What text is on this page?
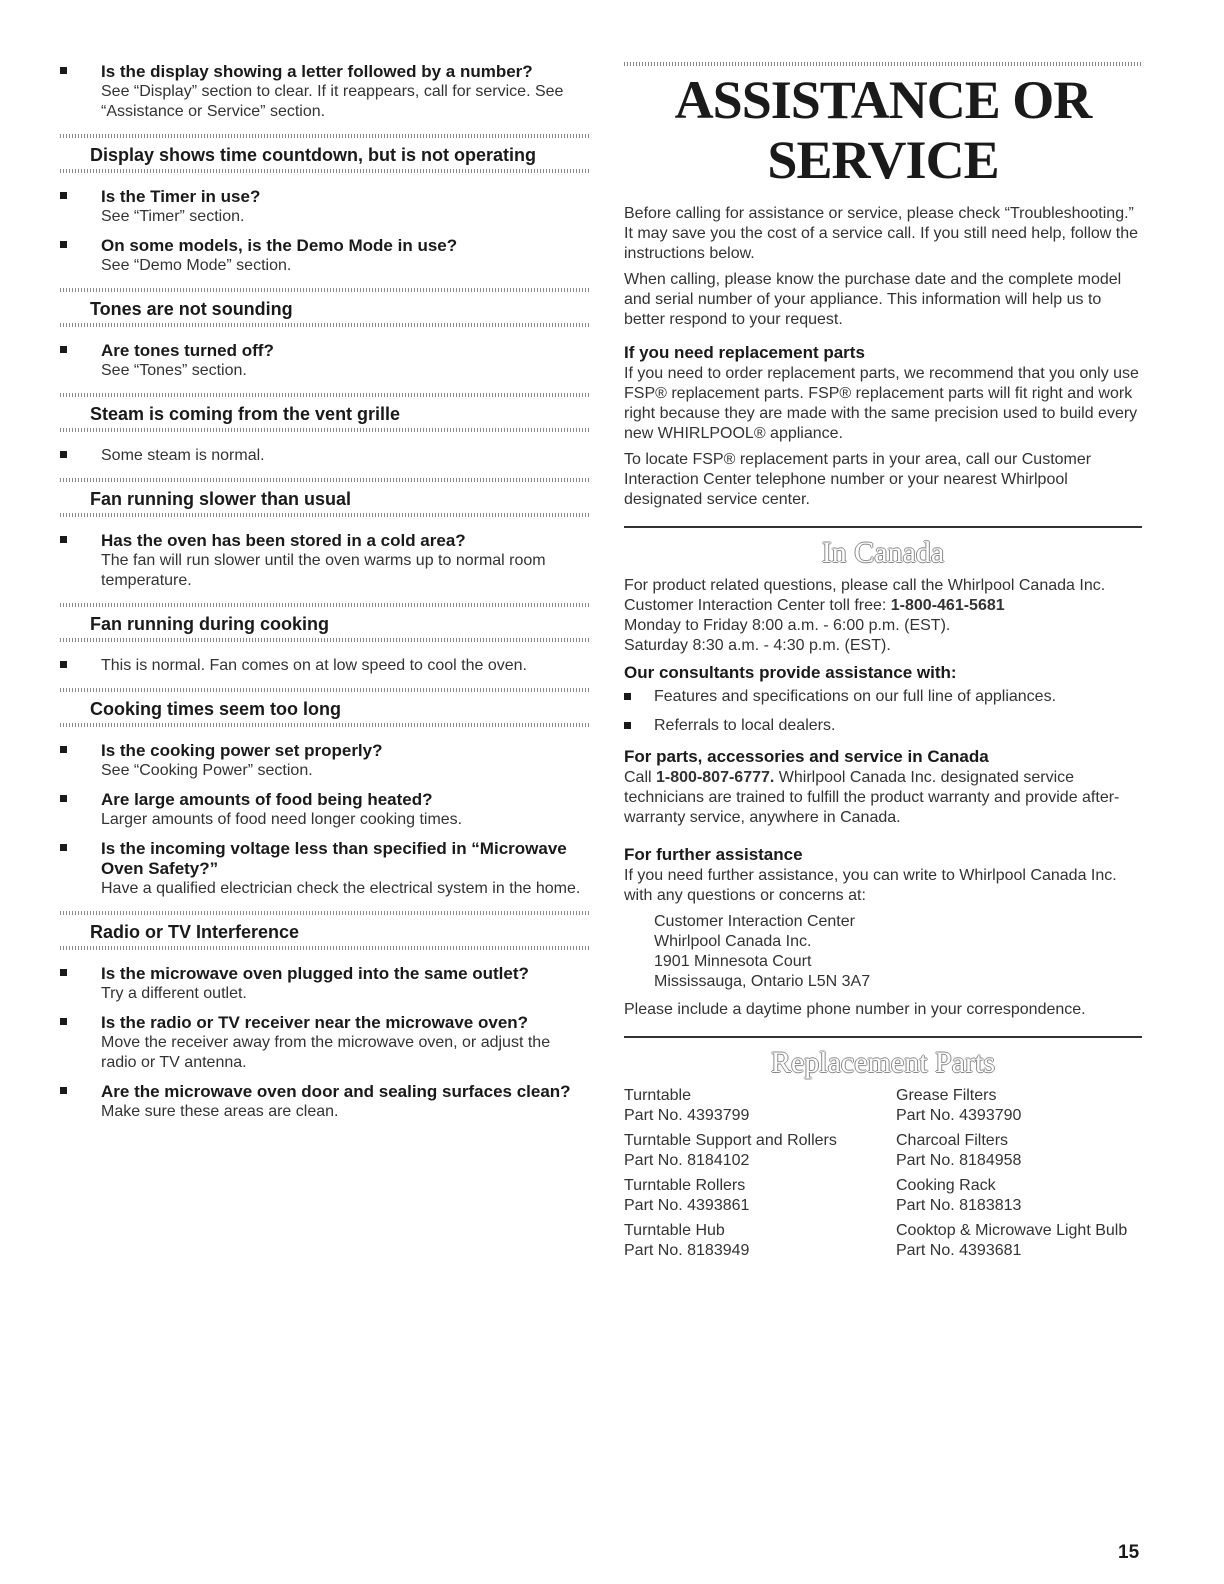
Is the display showing a letter followed by a number?

See “Display” section to clear. If it reappears, call for service. See “Assistance or Service” section.

Display shows time countdown, but is not operating

Is the Timer in use?

See “Timer” section.

On some models, is the Demo Mode in use?

See “Demo Mode” section.

Tones are not sounding

Are tones turned off?

See “Tones” section.

Steam is coming from the vent grille

Some steam is normal.

Fan running slower than usual

Has the oven has been stored in a cold area?

The fan will run slower until the oven warms up to normal room temperature.

Fan running during cooking

This is normal. Fan comes on at low speed to cool the oven.

Cooking times seem too long

Is the cooking power set properly?

See “Cooking Power” section.

Are large amounts of food being heated?

Larger amounts of food need longer cooking times.

Is the incoming voltage less than specified in “Microwave Oven Safety?”

Have a qualified electrician check the electrical system in the home.

Radio or TV Interference

Is the microwave oven plugged into the same outlet?

Try a different outlet.

Is the radio or TV receiver near the microwave oven?

Move the receiver away from the microwave oven, or adjust the radio or TV antenna.

Are the microwave oven door and sealing surfaces clean?

Make sure these areas are clean.

ASSISTANCE OR SERVICE

Before calling for assistance or service, please check “Troubleshooting.” It may save you the cost of a service call. If you still need help, follow the instructions below.

When calling, please know the purchase date and the complete model and serial number of your appliance. This information will help us to better respond to your request.

If you need replacement parts

If you need to order replacement parts, we recommend that you only use FSP® replacement parts. FSP® replacement parts will fit right and work right because they are made with the same precision used to build every new WHIRLPOOL® appliance.

To locate FSP® replacement parts in your area, call our Customer Interaction Center telephone number or your nearest Whirlpool designated service center.

In Canada

For product related questions, please call the Whirlpool Canada Inc. Customer Interaction Center toll free: 1-800-461-5681

Monday to Friday 8:00 a.m. - 6:00 p.m. (EST).

Saturday 8:30 a.m. - 4:30 p.m. (EST).

Our consultants provide assistance with:
Features and specifications on our full line of appliances.
Referrals to local dealers.
For parts, accessories and service in Canada

Call 1-800-807-6777. Whirlpool Canada Inc. designated service technicians are trained to fulfill the product warranty and provide after-warranty service, anywhere in Canada.

For further assistance

If you need further assistance, you can write to Whirlpool Canada Inc. with any questions or concerns at:

Customer Interaction Center
Whirlpool Canada Inc.
1901 Minnesota Court
Mississauga, Ontario L5N 3A7

Please include a daytime phone number in your correspondence.

Replacement Parts
Turntable
Part No. 4393799
Turntable Support and Rollers
Part No. 8184102
Turntable Rollers
Part No. 4393861
Turntable Hub
Part No. 8183949
Grease Filters
Part No. 4393790
Charcoal Filters
Part No. 8184958
Cooking Rack
Part No. 8183813
Cooktop & Microwave Light Bulb
Part No. 4393681
15
